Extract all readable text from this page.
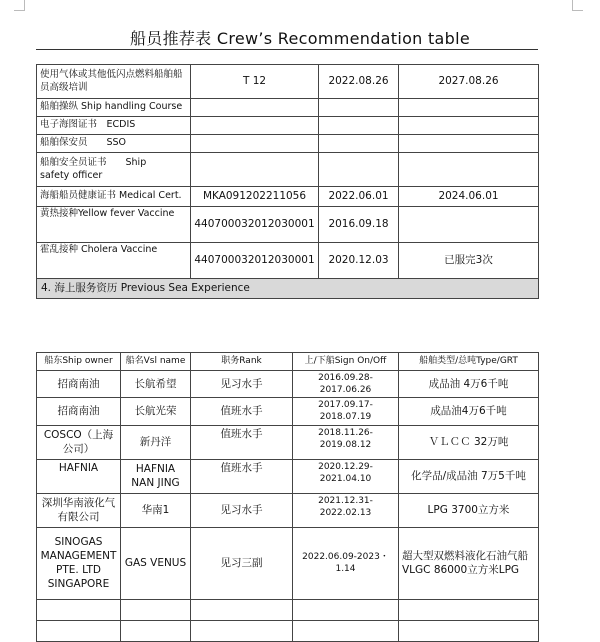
船员推荐表 Crew’s Recommendation table
使用气体或其他低闪点燃料船舶船员高级培训	T 12	2022.08.26	2027.08.26
船舶操纵 Ship handling Course			
电子海图证书　ECDIS			
船舶保安员　　SSO			
船舶安全员证书　　Ship　　safety officer			
海船船员健康证书 Medical Cert.	MKA091202211056	2022.06.01	2024.06.01
黄热接种Yellow fever Vaccine	440700032012030001	2016.09.18	
霍乱接种 Cholera Vaccine	440700032012030001	2020.12.03	已服完3次
4. 海上服务资历 Previous Sea Experience			
船东Ship owner	船名Vsl name	职务Rank	上/下船Sign On/Off	船舶类型/总吨Type/GRT
招商南油	长航希望	见习水手	2016.09.28-2017.06.26	成品油 4万6千吨
招商南油	长航光荣	值班水手	2017.09.17-2018.07.19	成品油4万6千吨
COSCO（上海公司）	新丹洋	值班水手	2018.11.26-2019.08.12	ＶＬＣＣ 32万吨
HAFNIA	HAFNIA NAN JING	值班水手	2020.12.29-2021.04.10	化学品/成品油 7万5千吨
深圳华南液化气有限公司	华南1	见习水手	2021.12.31-2022.02.13	LPG 3700立方米
SINOGAS MANAGEMENT PTE. LTD SINGAPORE	GAS VENUS	见习三副	2022.06.09-2023・1.14	超大型双燃料液化石油气船VLGC 86000立方米LPG
